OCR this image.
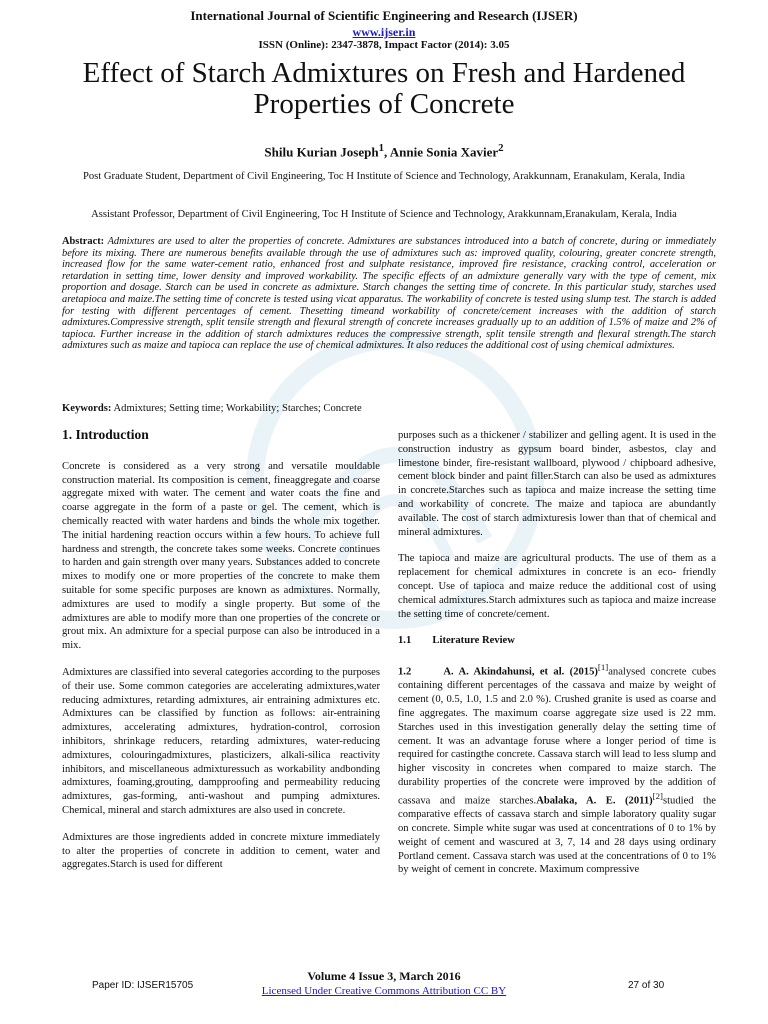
International Journal of Scientific Engineering and Research (IJSER)
www.ijser.in
ISSN (Online): 2347-3878, Impact Factor (2014): 3.05
Effect of Starch Admixtures on Fresh and Hardened Properties of Concrete
Shilu Kurian Joseph$^1$, Annie Sonia Xavier$^2$
Post Graduate Student, Department of Civil Engineering, Toc H Institute of Science and Technology, Arakkunnam, Eranakulam, Kerala, India
Assistant Professor, Department of Civil Engineering, Toc H Institute of Science and Technology, Arakkunnam,Eranakulam, Kerala, India
Abstract: Admixtures are used to alter the properties of concrete. Admixtures are substances introduced into a batch of concrete, during or immediately before its mixing. There are numerous benefits available through the use of admixtures such as: improved quality, colouring, greater concrete strength, increased flow for the same water-cement ratio, enhanced frost and sulphate resistance, improved fire resistance, cracking control, acceleration or retardation in setting time, lower density and improved workability. The specific effects of an admixture generally vary with the type of cement, mix proportion and dosage. Starch can be used in concrete as admixture. Starch changes the setting time of concrete. In this particular study, starches used aretapioca and maize.The setting time of concrete is tested using vicat apparatus. The workability of concrete is tested using slump test. The starch is added for testing with different percentages of cement. Thesetting timeand workability of concrete/cement increases with the addition of starch admixtures.Compressive strength, split tensile strength and flexural strength of concrete increases gradually up to an addition of 1.5% of maize and 2% of tapioca. Further increase in the addition of starch admixtures reduces the compressive strength, split tensile strength and flexural strength.The starch admixtures such as maize and tapioca can replace the use of chemical admixtures. It also reduces the additional cost of using chemical admixtures.
Keywords: Admixtures; Setting time; Workability; Starches; Concrete
1. Introduction

Concrete is considered as a very strong and versatile mouldable construction material. Its composition is cement, fineaggregate and coarse aggregate mixed with water. The cement and water coats the fine and coarse aggregate in the form of a paste or gel. The cement, which is chemically reacted with water hardens and binds the whole mix together. The initial hardening reaction occurs within a few hours. To achieve full hardness and strength, the concrete takes some weeks. Concrete continues to harden and gain strength over many years. Substances added to concrete mixes to modify one or more properties of the concrete to make them suitable for some specific purposes are known as admixtures. Normally, admixtures are used to modify a single property. But some of the admixtures are able to modify more than one properties of the concrete or grout mix. An admixture for a special purpose can also be introduced in a mix.

Admixtures are classified into several categories according to the purposes of their use. Some common categories are accelerating admixtures,water reducing admixtures, retarding admixtures, air entraining admixtures etc. Admixtures can be classified by function as follows: air-entraining admixtures, accelerating admixtures, hydration-control, corrosion inhibitors, shrinkage reducers, retarding admixtures, water-reducing admixtures, colouringadmixtures, plasticizers, alkali-silica reactivity inhibitors, and miscellaneous admixturessuch as workability andbonding admixtures, foaming,grouting, dampproofing and permeability reducing admixtures, gas-forming, anti-washout and pumping admixtures. Chemical, mineral and starch admixtures are also used in concrete.

Admixtures are those ingredients added in concrete mixture immediately to alter the properties of concrete in addition to cement, water and aggregates.Starch is used for different

purposes such as a thickener / stabilizer and gelling agent. It is used in the construction industry as gypsum board binder, asbestos, clay and limestone binder, fire-resistant wallboard, plywood / chipboard adhesive, cement block binder and paint filler.Starch can also be used as admixtures in concrete.Starches such as tapioca and maize increase the setting time and workability of concrete. The maize and tapioca are abundantly available. The cost of starch admixturesis lower than that of chemical and mineral admixtures.

The tapioca and maize are agricultural products. The use of them as a replacement for chemical admixtures in concrete is an eco- friendly concept. Use of tapioca and maize reduce the additional cost of using chemical admixtures.Starch admixtures such as tapioca and maize increase the setting time of concrete/cement.

1.1        Literature Review

1.2	A. A. Akindahunsi, et al. (2015)[1]analysed concrete cubes containing different percentages of the cassava and maize by weight of cement (0, 0.5, 1.0, 1.5 and 2.0 %). Crushed granite is used as coarse and fine aggregates. The maximum coarse aggregate size used is 22 mm. Starches used in this investigation generally delay the setting time of cement. It was an advantage foruse where a longer period of time is required for castingthe concrete. Cassava starch will lead to less slump and higher viscosity in concretes when compared to maize starch. The durability properties of the concrete were improved by the addition of cassava and maize starches.Abalaka, A. E. (2011)[2]studied the comparative effects of cassava starch and simple laboratory quality sugar on concrete. Simple white sugar was used at concentrations of 0 to 1% by weight of cement and wascured at 3, 7, 14 and 28 days using ordinary Portland cement. Cassava starch was used at the concentrations of 0 to 1% by weight of cement in concrete. Maximum compressive

Paper ID: IJSER15705
Volume 4 Issue 3, March 2016
Licensed Under Creative Commons Attribution CC BY	27 of 30
